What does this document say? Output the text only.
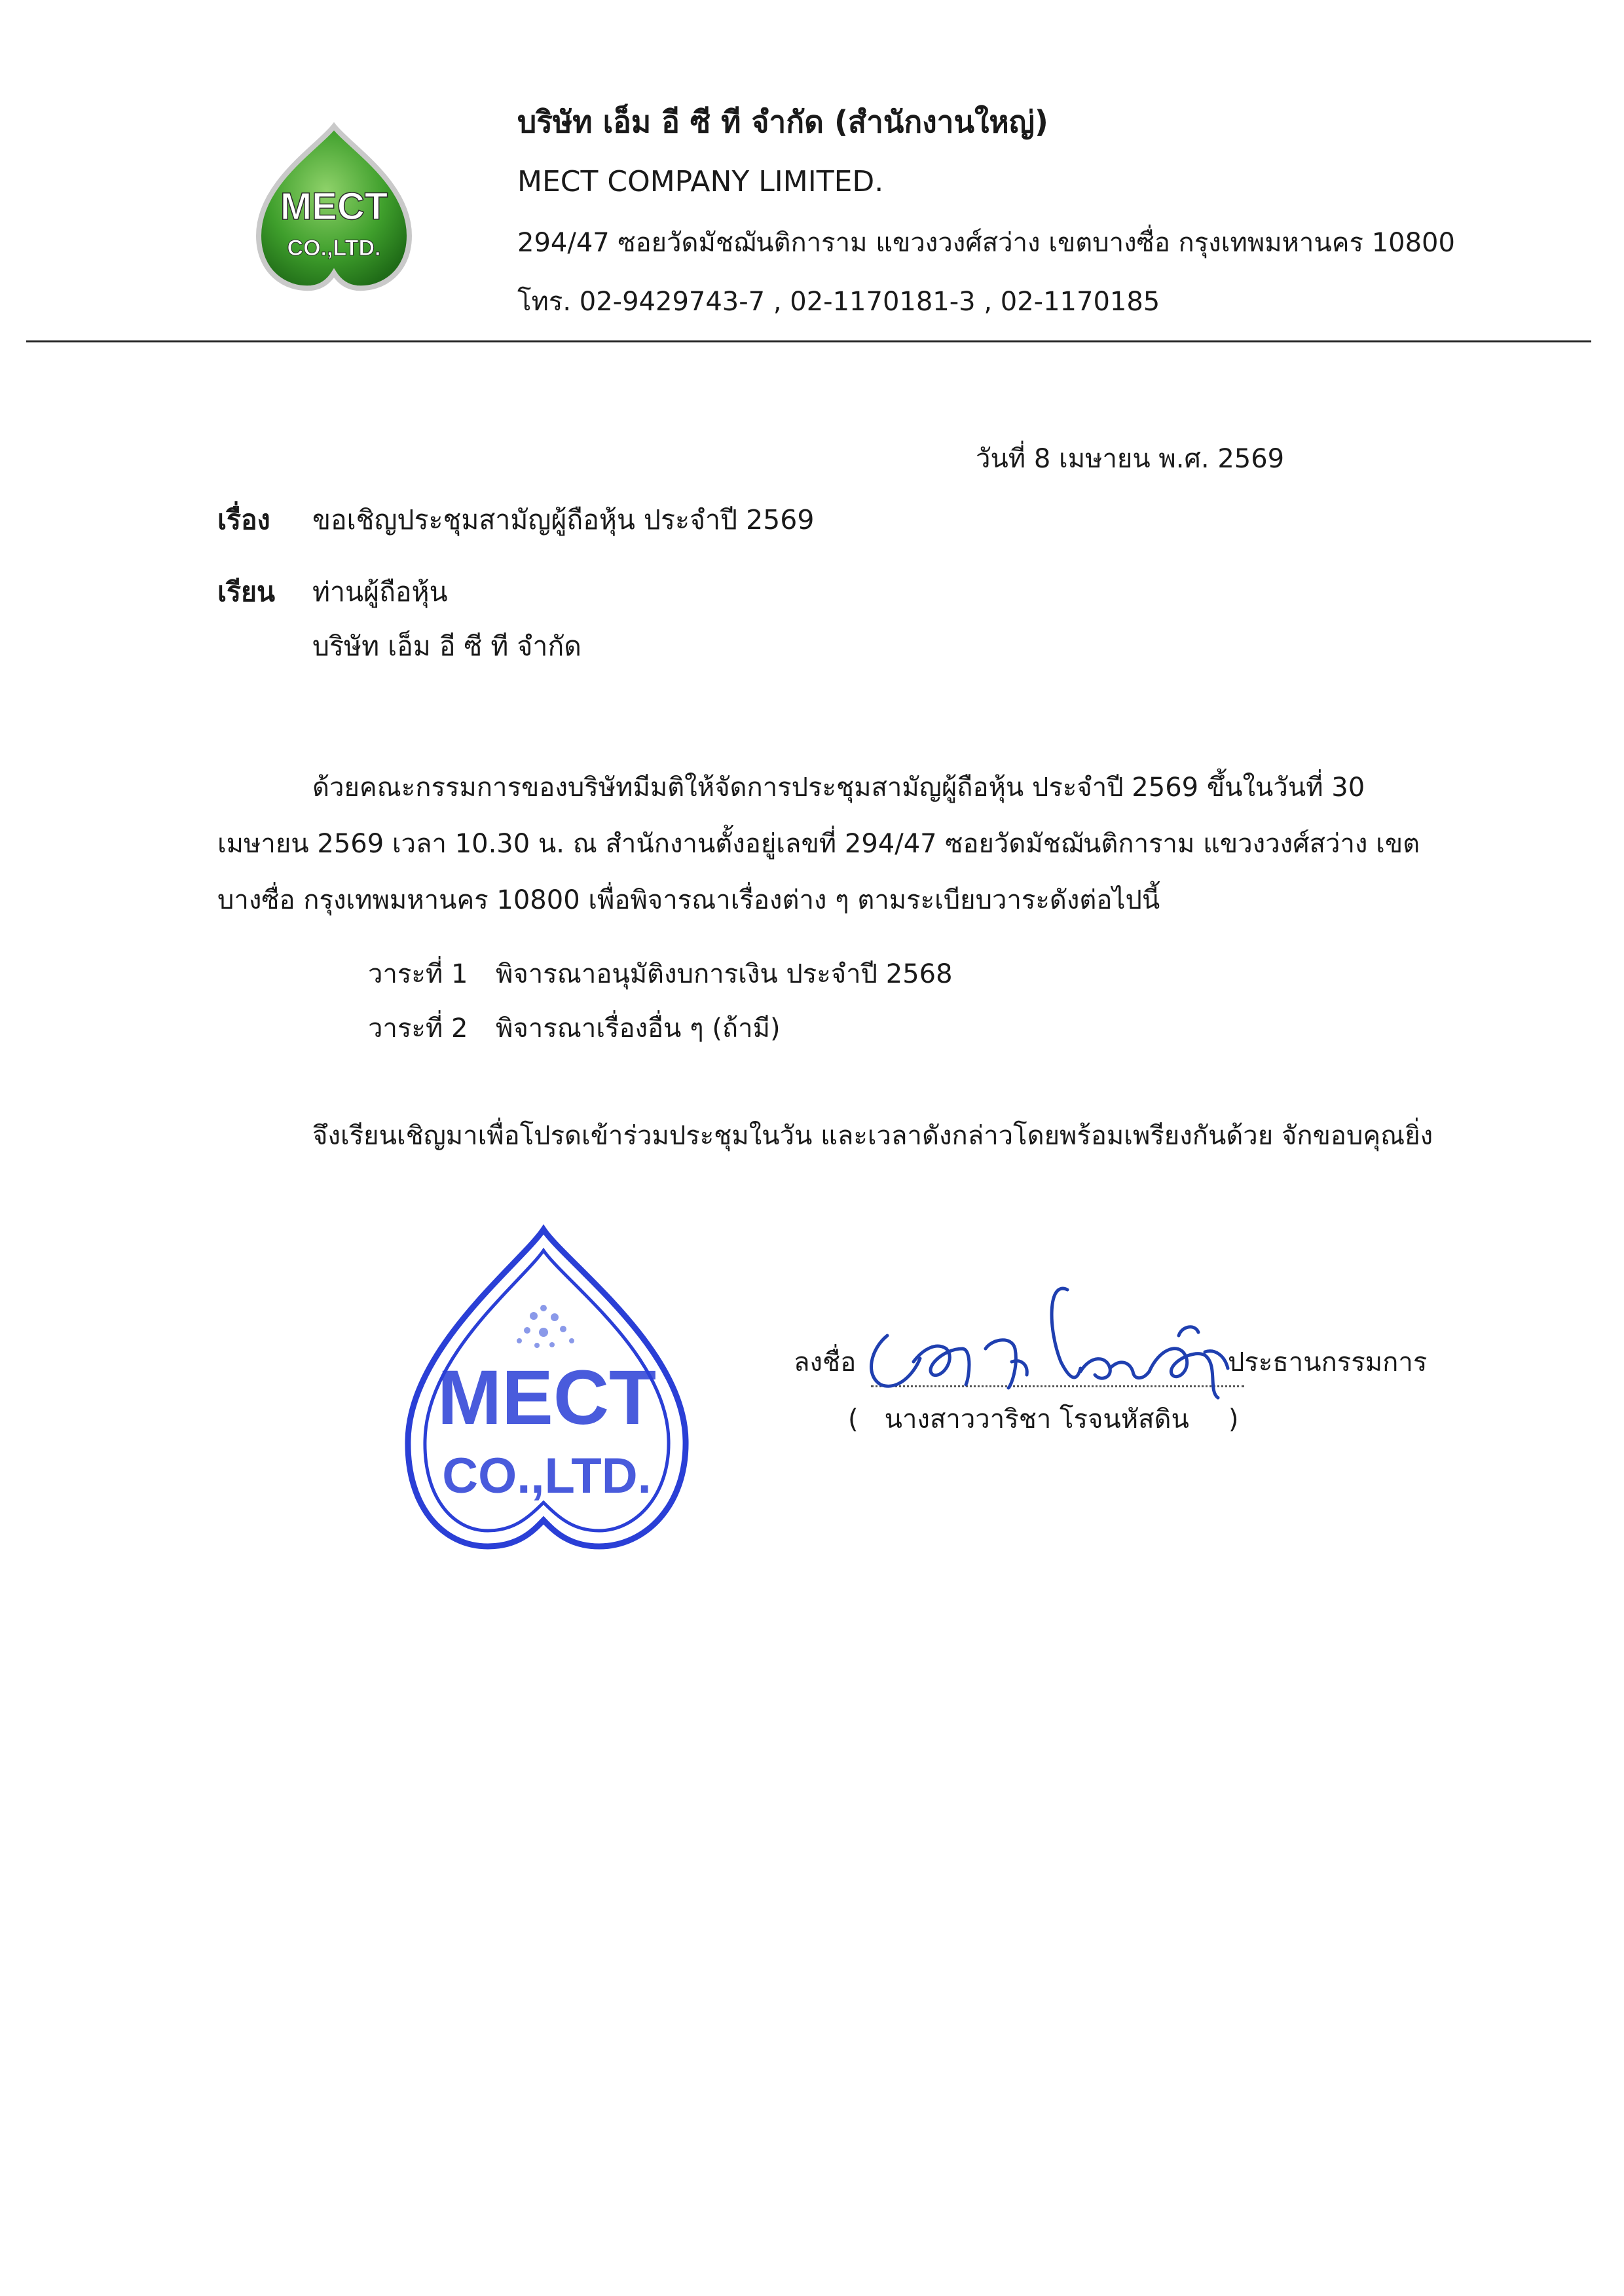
MECT
CO.,LTD.
บริษัท เอ็ม อี ซี ที จำกัด (สำนักงานใหญ่)
MECT COMPANY LIMITED.
294/47 ซอยวัดมัชฌันติการาม แขวงวงศ์สว่าง เขตบางซื่อ กรุงเทพมหานคร 10800
โทร. 02-9429743-7 , 02-1170181-3 , 02-1170185
วันที่ 8 เมษายน พ.ศ. 2569
เรื่อง ขอเชิญประชุมสามัญผู้ถือหุ้น ประจำปี 2569
เรียน ท่านผู้ถือหุ้น
บริษัท เอ็ม อี ซี ที จำกัด
ด้วยคณะกรรมการของบริษัทมีมติให้จัดการประชุมสามัญผู้ถือหุ้น ประจำปี 2569 ขึ้นในวันที่ 30
เมษายน 2569 เวลา 10.30 น. ณ สำนักงานตั้งอยู่เลขที่ 294/47 ซอยวัดมัชฌันติการาม แขวงวงศ์สว่าง เขต
บางซื่อ กรุงเทพมหานคร 10800 เพื่อพิจารณาเรื่องต่าง ๆ ตามระเบียบวาระดังต่อไปนี้
วาระที่ 1 พิจารณาอนุมัติงบการเงิน ประจำปี 2568
วาระที่ 2 พิจารณาเรื่องอื่น ๆ (ถ้ามี)
จึงเรียนเชิญมาเพื่อโปรดเข้าร่วมประชุมในวัน และเวลาดังกล่าวโดยพร้อมเพรียงกันด้วย จักขอบคุณยิ่ง
MECT
CO.,LTD.
ลงชื่อ	ประธานกรรมการ
( นางสาววาริชา โรจนหัสดิน )
